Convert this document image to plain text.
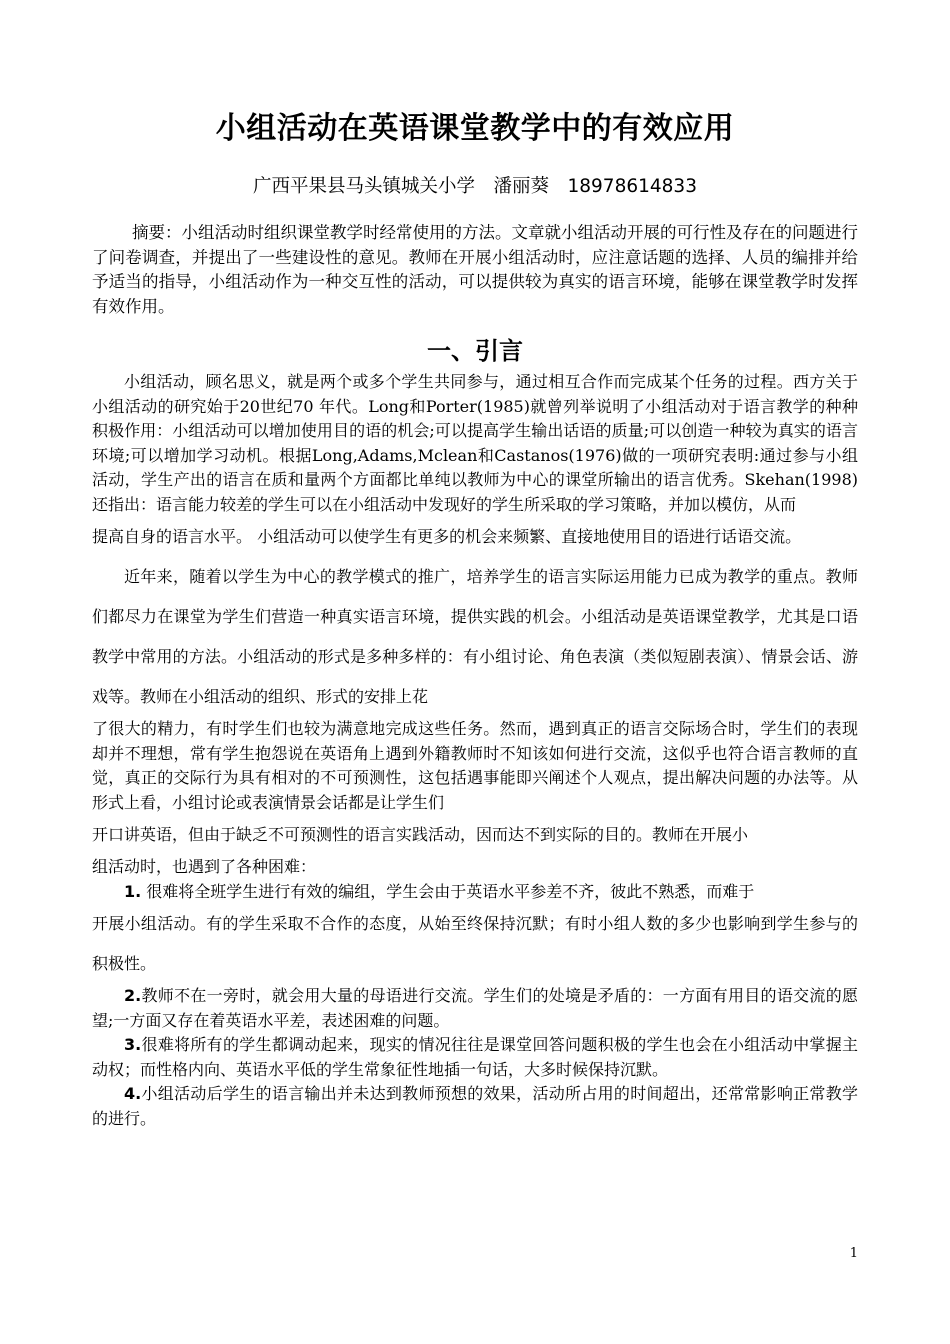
小组活动在英语课堂教学中的有效应用
广西平果县马头镇城关小学　潘丽葵　18978614833
摘要：小组活动时组织课堂教学时经常使用的方法。文章就小组活动开展的可行性及存在的问题进行了问卷调查，并提出了一些建设性的意见。教师在开展小组活动时，应注意话题的选择、人员的编排并给予适当的指导，小组活动作为一种交互性的活动，可以提供较为真实的语言环境，能够在课堂教学时发挥有效作用。
一、引言

小组活动，顾名思义，就是两个或多个学生共同参与，通过相互合作而完成某个任务的过程。西方关于小组活动的研究始于20世纪70 年代。Long和Porter(1985)就曾列举说明了小组活动对于语言教学的种种积极作用：小组活动可以增加使用目的语的机会;可以提高学生输出话语的质量;可以创造一种较为真实的语言环境;可以增加学习动机。根据Long,Adams,Mclean和Castanos(1976)做的一项研究表明:通过参与小组活动，学生产出的语言在质和量两个方面都比单纯以教师为中心的课堂所输出的语言优秀。Skehan(1998)还指出：语言能力较差的学生可以在小组活动中发现好的学生所采取的学习策略，并加以模仿，从而

提高自身的语言水平。 小组活动可以使学生有更多的机会来频繁、直接地使用目的语进行话语交流。

近年来，随着以学生为中心的教学模式的推广，培养学生的语言实际运用能力已成为教学的重点。教师们都尽力在课堂为学生们营造一种真实语言环境，提供实践的机会。小组活动是英语课堂教学，尤其是口语教学中常用的方法。小组活动的形式是多种多样的：有小组讨论、角色表演（类似短剧表演）、情景会话、游戏等。教师在小组活动的组织、形式的安排上花

了很大的精力，有时学生们也较为满意地完成这些任务。然而，遇到真正的语言交际场合时，学生们的表现却并不理想，常有学生抱怨说在英语角上遇到外籍教师时不知该如何进行交流，这似乎也符合语言教师的直觉，真正的交际行为具有相对的不可预测性，这包括遇事能即兴阐述个人观点，提出解决问题的办法等。从形式上看，小组讨论或表演情景会话都是让学生们

开口讲英语，但由于缺乏不可预测性的语言实践活动，因而达不到实际的目的。教师在开展小

组活动时，也遇到了各种困难：

1. 很难将全班学生进行有效的编组，学生会由于英语水平参差不齐，彼此不熟悉，而难于

开展小组活动。有的学生采取不合作的态度，从始至终保持沉默；有时小组人数的多少也影响到学生参与的积极性。

2.教师不在一旁时，就会用大量的母语进行交流。学生们的处境是矛盾的：一方面有用目的语交流的愿望;一方面又存在着英语水平差，表述困难的问题。

3.很难将所有的学生都调动起来，现实的情况往往是课堂回答问题积极的学生也会在小组活动中掌握主动权；而性格内向、英语水平低的学生常象征性地插一句话，大多时候保持沉默。

4.小组活动后学生的语言输出并未达到教师预想的效果，活动所占用的时间超出，还常常影响正常教学的进行。

1
